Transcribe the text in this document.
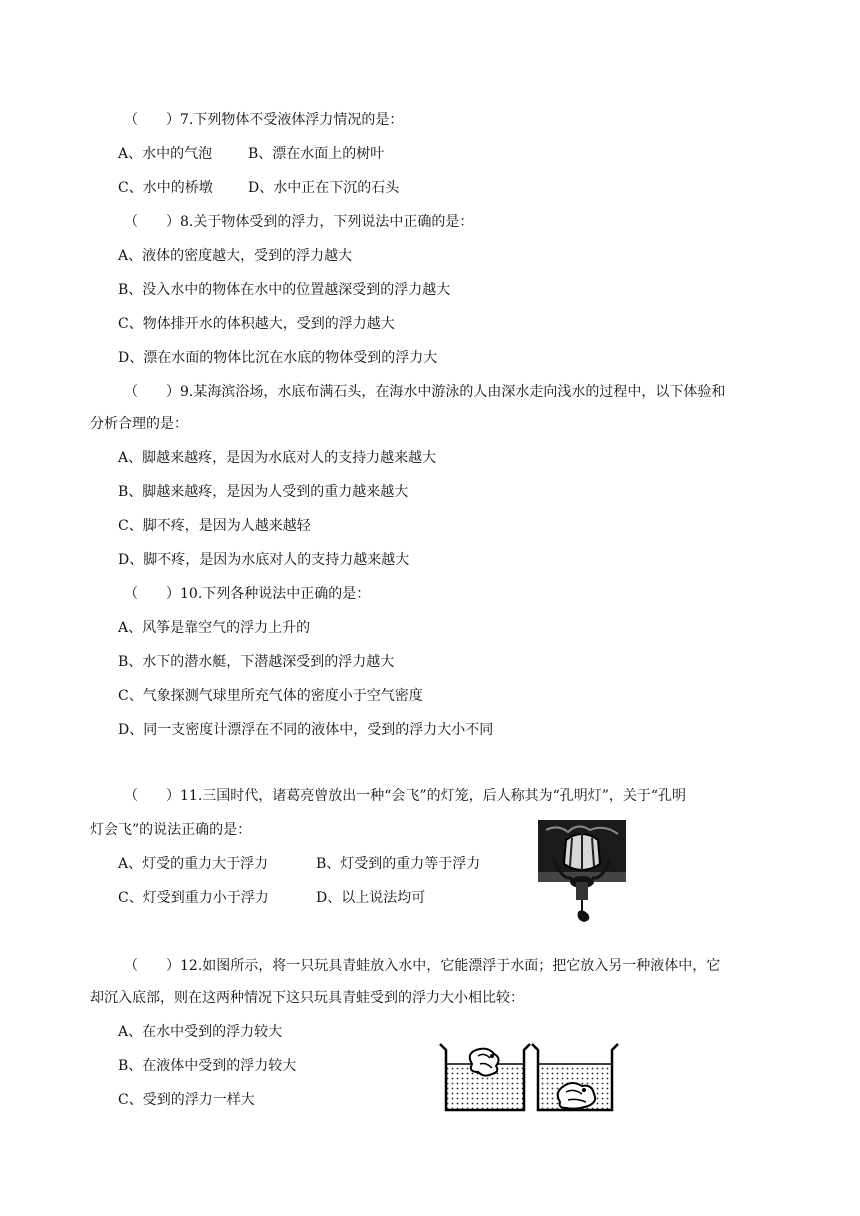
（　　）7.下列物体不受液体浮力情况的是：
A、水中的气泡	B、漂在水面上的树叶
C、水中的桥墩	D、水中正在下沉的石头
（　　）8.关于物体受到的浮力，下列说法中正确的是：
A、液体的密度越大，受到的浮力越大
B、没入水中的物体在水中的位置越深受到的浮力越大
C、物体排开水的体积越大，受到的浮力越大
D、漂在水面的物体比沉在水底的物体受到的浮力大
（　　）9.某海滨浴场，水底布满石头，在海水中游泳的人由深水走向浅水的过程中，以下体验和
分析合理的是：
A、脚越来越疼，是因为水底对人的支持力越来越大
B、脚越来越疼，是因为人受到的重力越来越大
C、脚不疼，是因为人越来越轻
D、脚不疼，是因为水底对人的支持力越来越大
（　　）10.下列各种说法中正确的是：
A、风筝是靠空气的浮力上升的
B、水下的潜水艇，下潜越深受到的浮力越大
C、气象探测气球里所充气体的密度小于空气密度
D、同一支密度计漂浮在不同的液体中，受到的浮力大小不同
（　　）11.三国时代，诸葛亮曾放出一种“会飞”的灯笼，后人称其为“孔明灯”，关于“孔明
灯会飞”的说法正确的是：
A、灯受的重力大于浮力	B、灯受到的重力等于浮力
C、灯受到重力小于浮力	D、以上说法均可
（　　）12.如图所示，将一只玩具青蛙放入水中，它能漂浮于水面；把它放入另一种液体中，它
却沉入底部，则在这两种情况下这只玩具青蛙受到的浮力大小相比较：
A、在水中受到的浮力较大
B、在液体中受到的浮力较大
C、受到的浮力一样大
